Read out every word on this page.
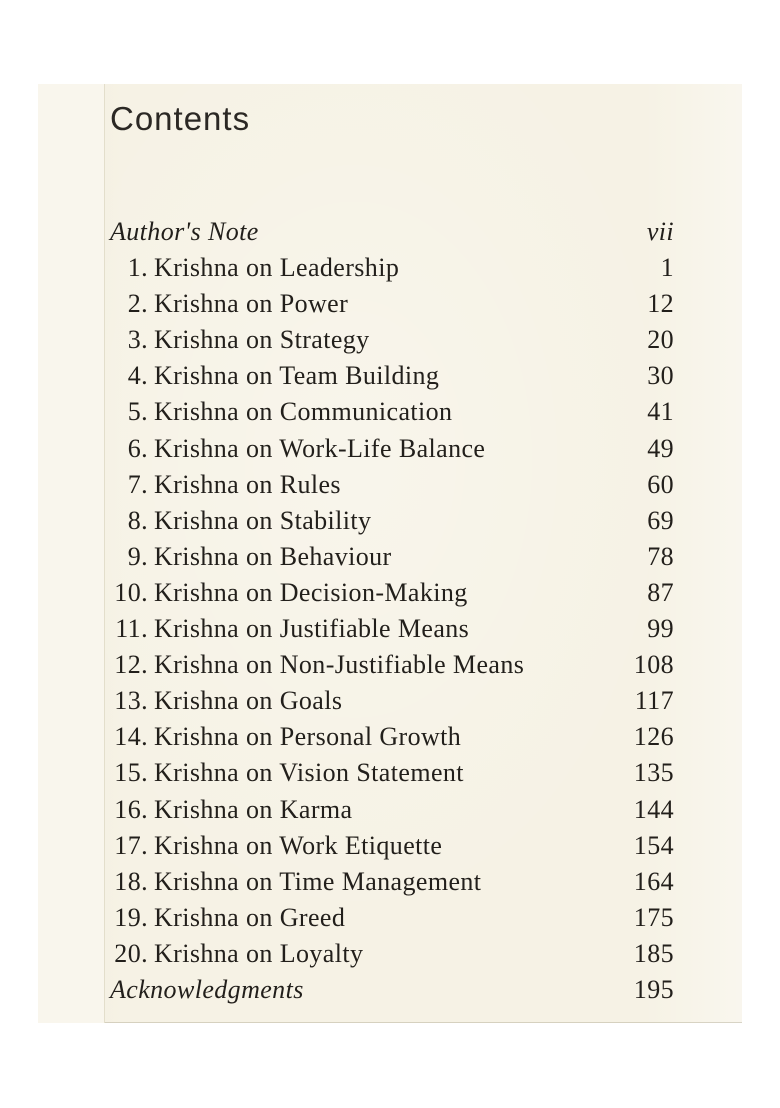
Contents
Author's Note	vii
1. Krishna on Leadership	1
2. Krishna on Power	12
3. Krishna on Strategy	20
4. Krishna on Team Building	30
5. Krishna on Communication	41
6. Krishna on Work-Life Balance	49
7. Krishna on Rules	60
8. Krishna on Stability	69
9. Krishna on Behaviour	78
10. Krishna on Decision-Making	87
11. Krishna on Justifiable Means	99
12. Krishna on Non-Justifiable Means	108
13. Krishna on Goals	117
14. Krishna on Personal Growth	126
15. Krishna on Vision Statement	135
16. Krishna on Karma	144
17. Krishna on Work Etiquette	154
18. Krishna on Time Management	164
19. Krishna on Greed	175
20. Krishna on Loyalty	185
Acknowledgments	195
